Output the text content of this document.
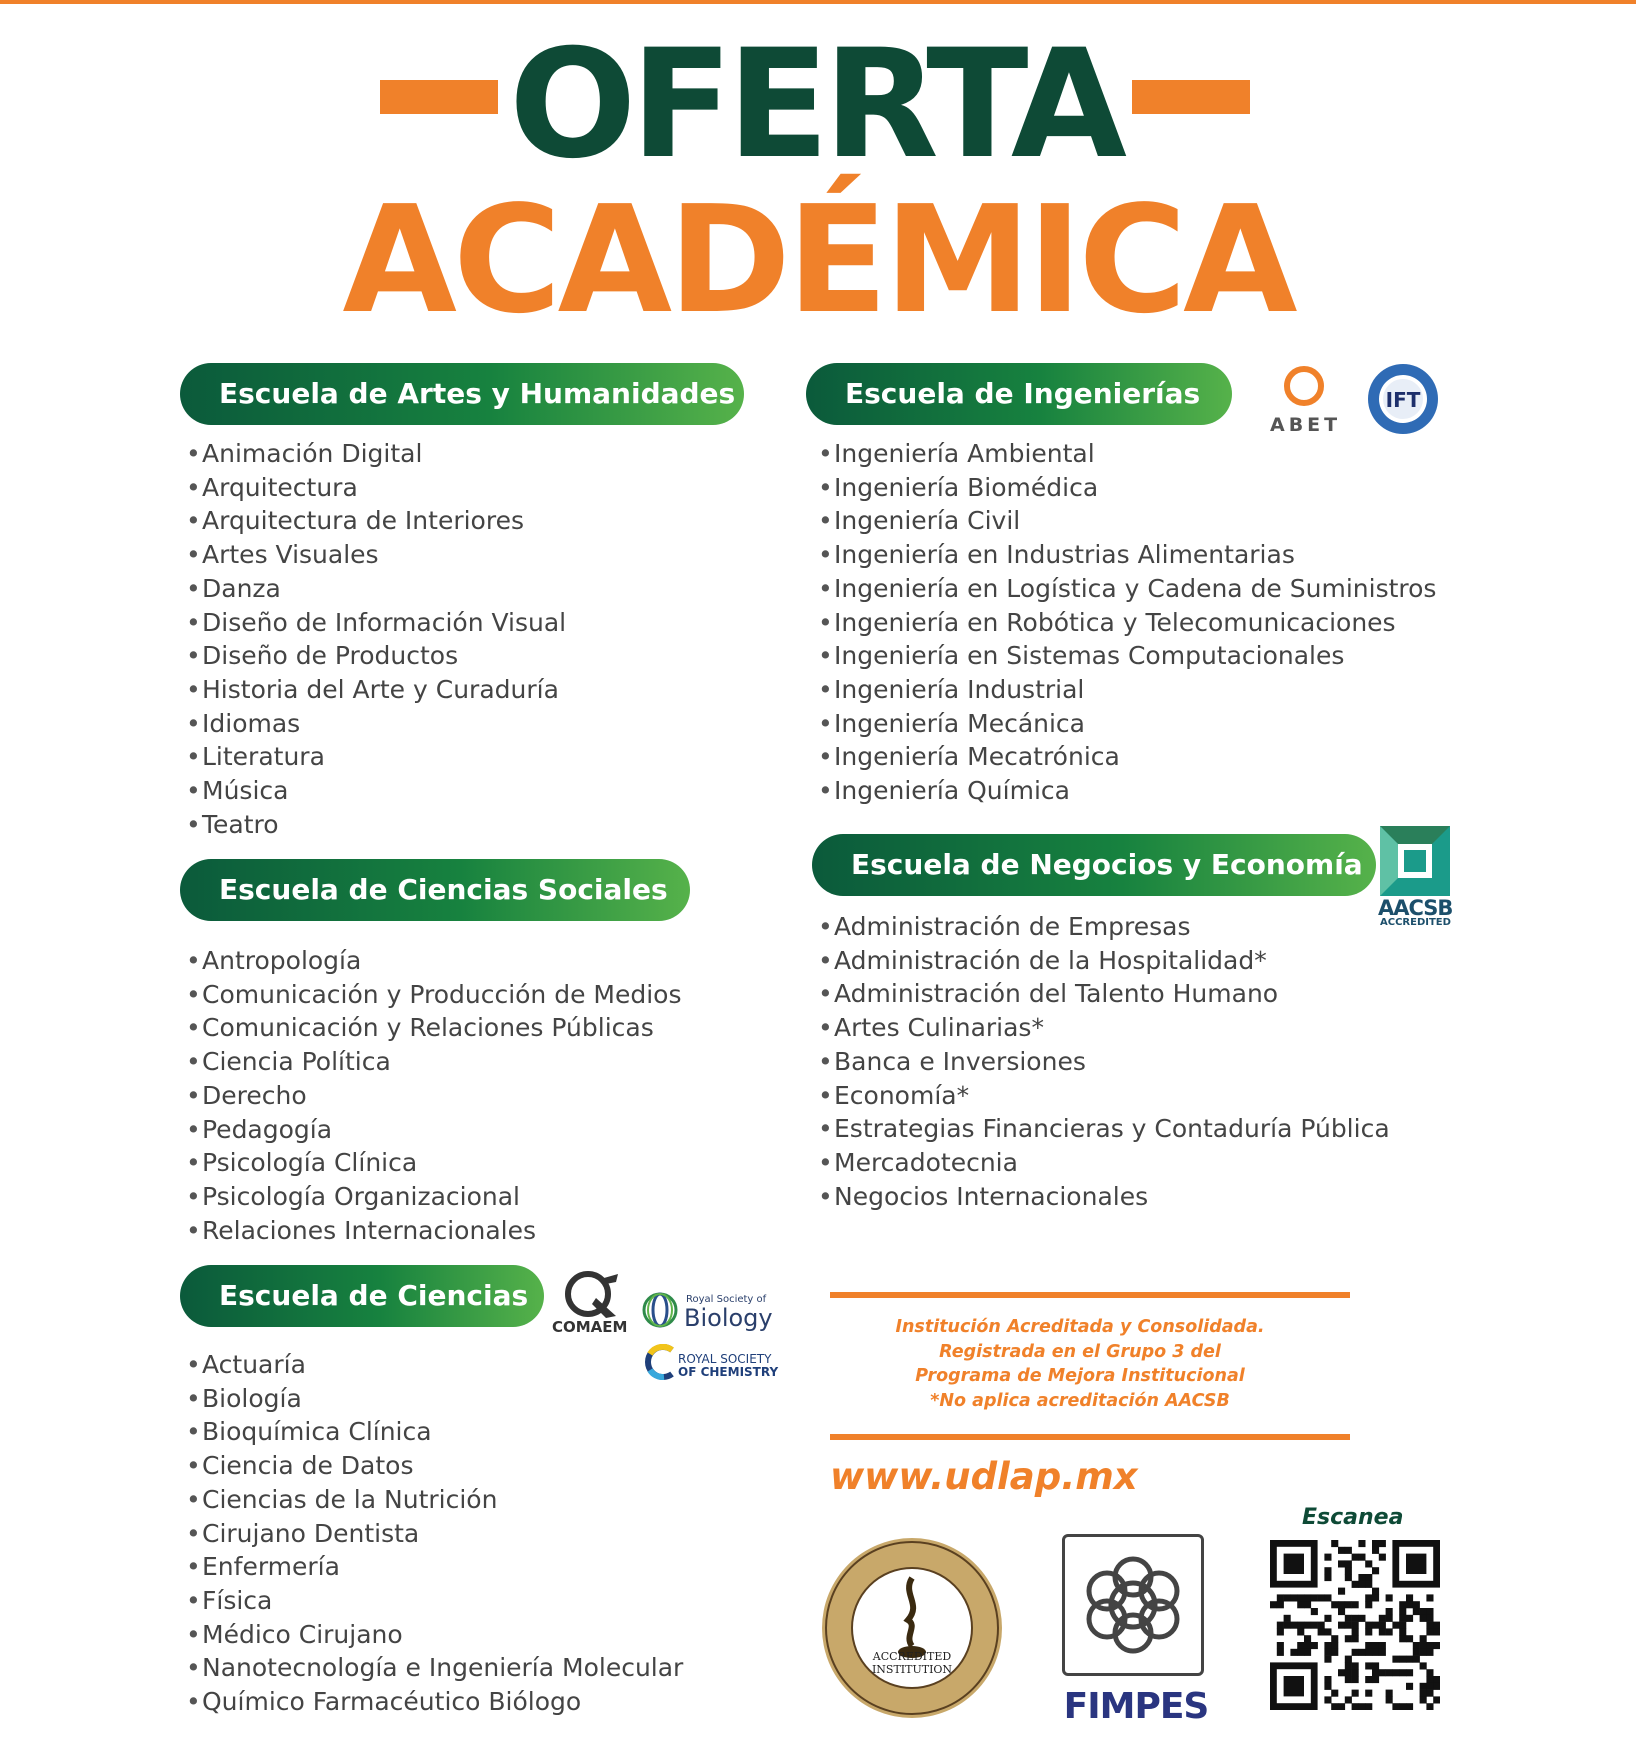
OFERTA
ACADÉMICA
Escuela de Artes y Humanidades
•Animación Digital
•Arquitectura
•Arquitectura de Interiores
•Artes Visuales
•Danza
•Diseño de Información Visual
•Diseño de Productos
•Historia del Arte y Curaduría
•Idiomas
•Literatura
•Música
•Teatro
Escuela de Ciencias Sociales
•Antropología
•Comunicación y Producción de Medios
•Comunicación y Relaciones Públicas
•Ciencia Política
•Derecho
•Pedagogía
•Psicología Clínica
•Psicología Organizacional
•Relaciones Internacionales
Escuela de Ciencias
•Actuaría
•Biología
•Bioquímica Clínica
•Ciencia de Datos
•Ciencias de la Nutrición
•Cirujano Dentista
•Enfermería
•Física
•Médico Cirujano
•Nanotecnología e Ingeniería Molecular
•Químico Farmacéutico Biólogo
Escuela de Ingenierías
•Ingeniería Ambiental
•Ingeniería Biomédica
•Ingeniería Civil
•Ingeniería en Industrias Alimentarias
•Ingeniería en Logística y Cadena de Suministros
•Ingeniería en Robótica y Telecomunicaciones
•Ingeniería en Sistemas Computacionales
•Ingeniería Industrial
•Ingeniería Mecánica
•Ingeniería Mecatrónica
•Ingeniería Química
Escuela de Negocios y Economía
•Administración de Empresas
•Administración de la Hospitalidad*
•Administración del Talento Humano
•Artes Culinarias*
•Banca e Inversiones
•Economía*
•Estrategias Financieras y Contaduría Pública
•Mercadotecnia
•Negocios Internacionales
ABET
IFT
AACSB
ACCREDITED
COMAEM
Royal Society of
Biology
ROYAL SOCIETY
OF CHEMISTRY
Institución Acreditada y Consolidada.
Registrada en el Grupo 3 del
Programa de Mejora Institucional
*No aplica acreditación AACSB
www.udlap.mx
ACCREDITED INSTITUTION
FIMPES
Escanea
